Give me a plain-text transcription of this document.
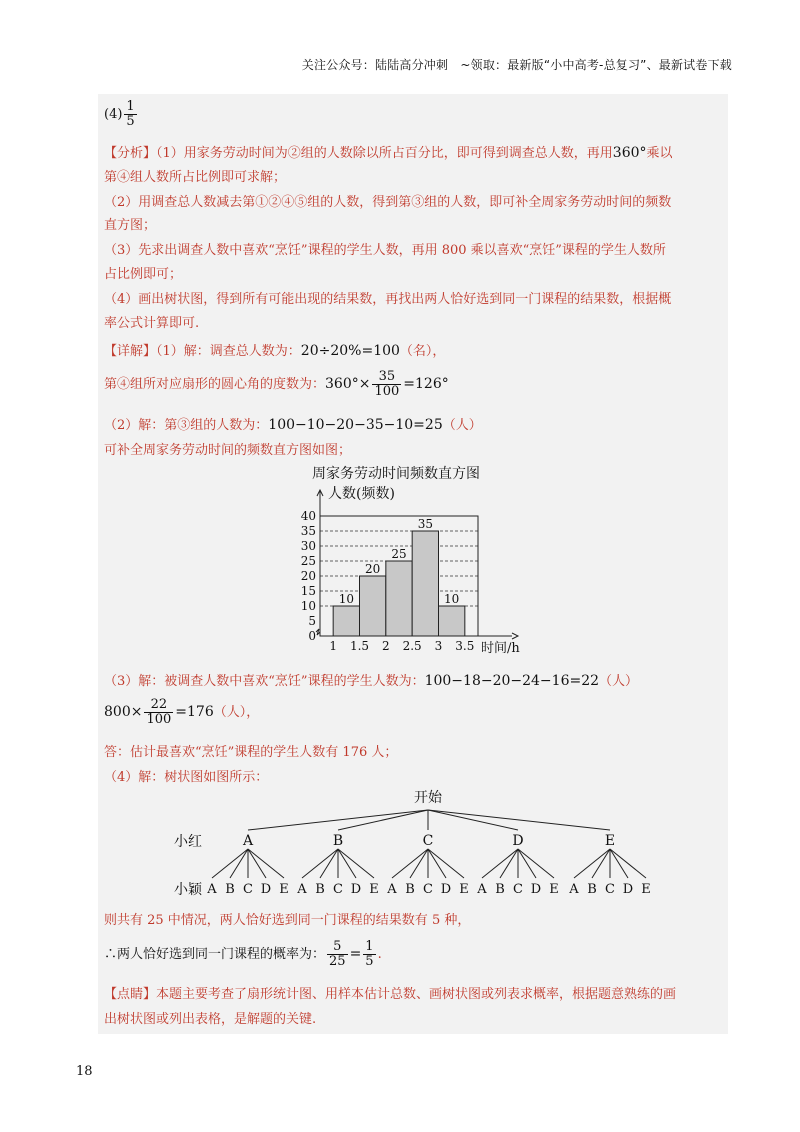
关注公众号：陆陆高分冲刺　~领取：最新版“小中高考-总复习”、最新试卷下载
$(4) \frac{1}{5}$
【分析】（1）用家务劳动时间为②组的人数除以所占百分比，即可得到调查总人数，再用360°乘以
第④组人数所占比例即可求解；
（2）用调查总人数减去第①②④⑤组的人数，得到第③组的人数，即可补全周家务劳动时间的频数
直方图；
（3）先求出调查人数中喜欢“烹饪”课程的学生人数，再用 800 乘以喜欢“烹饪”课程的学生人数所
占比例即可；
（4）画出树状图，得到所有可能出现的结果数，再找出两人恰好选到同一门课程的结果数，根据概
率公式计算即可.
【详解】（1）解：调查总人数为：20÷20%=100（名），
第④组所对应扇形的圆心角的度数为：$360^\circ\times \frac{35}{100} =126^\circ$
（2）解：第③组的人数为：100−10−20−35−10=25（人）
可补全周家务劳动时间的频数直方图如图；
周家务劳动时间频数直方图
人数(频数)
时间/h
10
20
25
35
10
0
5
10
15
20
25
30
35
40
1 1.5 2 2.5 3 3.5
（3）解：被调查人数中喜欢“烹饪”课程的学生人数为：100−18−20−24−16=22（人）
$800\times \frac{22}{100} =176$（人），
答：估计最喜欢“烹饪”课程的学生人数有 176 人；
（4）解：树状图如图所示：
开始
小红
小颖
A
A B C D E
B
A B C D E
C
A B C D E
D
A B C D E
E
A B C D E
则共有 25 中情况，两人恰好选到同一门课程的结果数有 5 种，
∴两人恰好选到同一门课程的概率为： $\frac{5}{25} = \frac{1}{5}$ .
【点睛】本题主要考查了扇形统计图、用样本估计总数、画树状图或列表求概率，根据题意熟练的画
出树状图或列出表格，是解题的关键.
18
